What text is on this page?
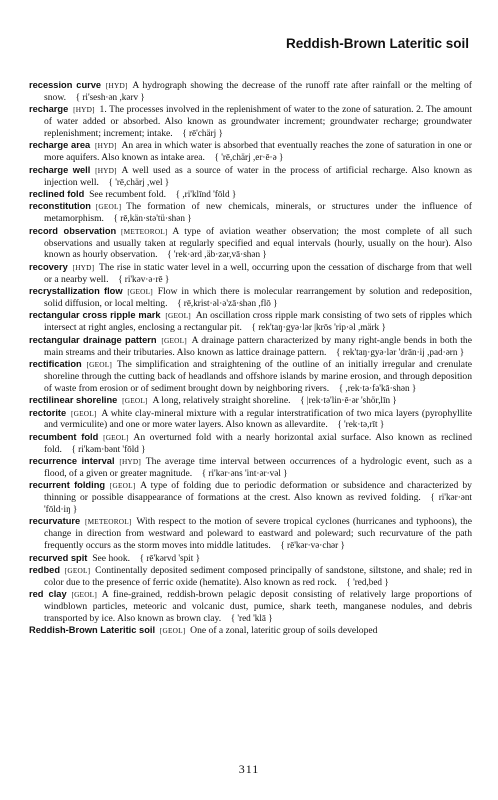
Reddish-Brown Lateritic soil

recession curve  [HYD]  A hydrograph showing the decrease of the runoff rate after rainfall or the melting of snow.  { ri'sesh·ən ,kərv }

recharge  [HYD]  1. The processes involved in the replenishment of water to the zone of saturation. 2. The amount of water added or absorbed. Also known as groundwater increment; groundwater recharge; groundwater replenishment; increment; intake.  { rē'chärj }

recharge area  [HYD]  An area in which water is absorbed that eventually reaches the zone of saturation in one or more aquifers. Also known as intake area.  { 'rē,chärj ,er·ē·ə }

recharge well  [HYD]  A well used as a source of water in the process of artificial recharge. Also known as injection well.  { 'rē,chärj ,wel }

reclined fold  See recumbent fold.  { ,ri'klīnd 'fōld }

reconstitution  [GEOL]  The formation of new chemicals, minerals, or structures under the influence of metamorphism.  { rē,kän·stə'tü·shən }

record observation  [METEOROL]  A type of aviation weather observation; the most complete of all such observations and usually taken at regularly specified and equal intervals (hourly, usually on the hour). Also known as hourly observation.  { 'rek·ərd ,äb·zər,vā·shən }

recovery  [HYD]  The rise in static water level in a well, occurring upon the cessation of discharge from that well or a nearby well.  { ri'kəv·ə·rē }

recrystallization flow  [GEOL]  Flow in which there is molecular rearrangement by solution and redeposition, solid diffusion, or local melting.  { rē,krist·əl·ə'zā·shən ,flō }

rectangular cross ripple mark  [GEOL]  An oscillation cross ripple mark consisting of two sets of ripples which intersect at right angles, enclosing a rectangular pit.  { rek'taŋ·gyə·lər |krōs 'rip·əl ,märk }

rectangular drainage pattern  [GEOL]  A drainage pattern characterized by many right-angle bends in both the main streams and their tributaries. Also known as lattice drainage pattern.  { rek'taŋ·gyə·lər 'drān·ij ,pad·ərn }

rectification  [GEOL]  The simplification and straightening of the outline of an initially irregular and crenulate shoreline through the cutting back of headlands and offshore islands by marine erosion, and through deposition of waste from erosion or of sediment brought down by neighboring rivers.  { ,rek·tə·fə'kā·shən }

rectilinear shoreline  [GEOL]  A long, relatively straight shoreline.  { |rek·tə'lin·ē·ər 'shör,līn }

rectorite  [GEOL]  A white clay-mineral mixture with a regular interstratification of two mica layers (pyrophyllite and vermiculite) and one or more water layers. Also known as allevardite.  { 'rek·tə,rīt }

recumbent fold  [GEOL]  An overturned fold with a nearly horizontal axial surface. Also known as reclined fold.  { ri'kəm·bənt 'fōld }

recurrence interval  [HYD]  The average time interval between occurrences of a hydrologic event, such as a flood, of a given or greater magnitude.  { ri'kər·əns 'int·ər·vəl }

recurrent folding  [GEOL]  A type of folding due to periodic deformation or subsidence and characterized by thinning or possible disappearance of formations at the crest. Also known as revived folding.  { ri'kər·ənt 'fōld·iŋ }

recurvature  [METEOROL]  With respect to the motion of severe tropical cyclones (hurricanes and typhoons), the change in direction from westward and poleward to eastward and poleward; such recurvature of the path frequently occurs as the storm moves into middle latitudes.  { rē'kər·və·chər }

recurved spit  See hook.  { rē'kərvd 'spit }

redbed  [GEOL]  Continentally deposited sediment composed principally of sandstone, siltstone, and shale; red in color due to the presence of ferric oxide (hematite). Also known as red rock.  { 'red,bed }

red clay  [GEOL]  A fine-grained, reddish-brown pelagic deposit consisting of relatively large proportions of windblown particles, meteoric and volcanic dust, pumice, shark teeth, manganese nodules, and debris transported by ice. Also known as brown clay.  { 'red 'klā }

Reddish-Brown Lateritic soil  [GEOL]  One of a zonal, lateritic group of soils developed

311
